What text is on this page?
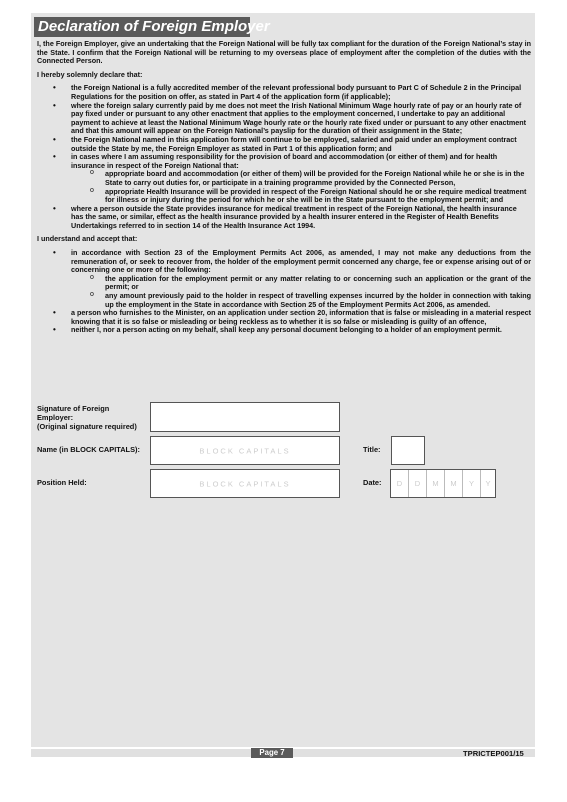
Declaration of Foreign Employer

I, the Foreign Employer, give an undertaking that the Foreign National will be fully tax compliant for the duration of the Foreign National’s stay in the State. I confirm that the Foreign National will be returning to my overseas place of employment after the completion of the duties with the Connected Person.

I hereby solemnly declare that:

• the Foreign National is a fully accredited member of the relevant professional body pursuant to Part C of Schedule 2 in the Principal Regulations for the position on offer, as stated in Part 4 of the application form (if applicable);
• where the foreign salary currently paid by me does not meet the Irish National Minimum Wage hourly rate of pay or an hourly rate of pay fixed under or pursuant to any other enactment that applies to the employment concerned, I undertake to pay an additional payment to achieve at least the National Minimum Wage hourly rate or the hourly rate fixed under or pursuant to any other enactment and that this amount will appear on the Foreign National’s payslip for the duration of their assignment in the State;
• the Foreign National named in this application form will continue to be employed, salaried and paid under an employment contract outside the State by me, the Foreign Employer as stated in Part 1 of this application form; and
• in cases where I am assuming responsibility for the provision of board and accommodation (or either of them) and for health insurance in respect of the Foreign National that:
o appropriate board and accommodation (or either of them) will be provided for the Foreign National while he or she is in the State to carry out duties for, or participate in a training programme provided by the Connected Person,
o appropriate Health Insurance will be provided in respect of the Foreign National should he or she require medical treatment for illness or injury during the period for which he or she will be in the State pursuant to the employment permit; and
• where a person outside the State provides insurance for medical treatment in respect of the Foreign National, the health insurance has the same, or similar, effect as the health insurance provided by a health insurer entered in the Register of Health Benefits Undertakings referred to in section 14 of the Health Insurance Act 1994.

I understand and accept that:

• in accordance with Section 23 of the Employment Permits Act 2006, as amended, I may not make any deductions from the remuneration of, or seek to recover from, the holder of the employment permit concerned any charge, fee or expense arising out of or concerning one or more of the following:
o the application for the employment permit or any matter relating to or concerning such an application or the grant of the permit; or
o any amount previously paid to the holder in respect of travelling expenses incurred by the holder in connection with taking up the employment in the State in accordance with Section 25 of the Employment Permits Act 2006, as amended.
• a person who furnishes to the Minister, on an application under section 20, information that is false or misleading in a material respect knowing that it is so false or misleading or being reckless as to whether it is so false or misleading is guilty of an offence,
• neither I, nor a person acting on my behalf, shall keep any personal document belonging to a holder of an employment permit.
Signature of Foreign
Employer:
(Original signature required)
Name (in BLOCK CAPITALS):	BLOCK CAPITALS	Title:
Position Held:	BLOCK CAPITALS	Date:	D	D	M	M	Y	Y
Page 7	TPRICTEP001/15
